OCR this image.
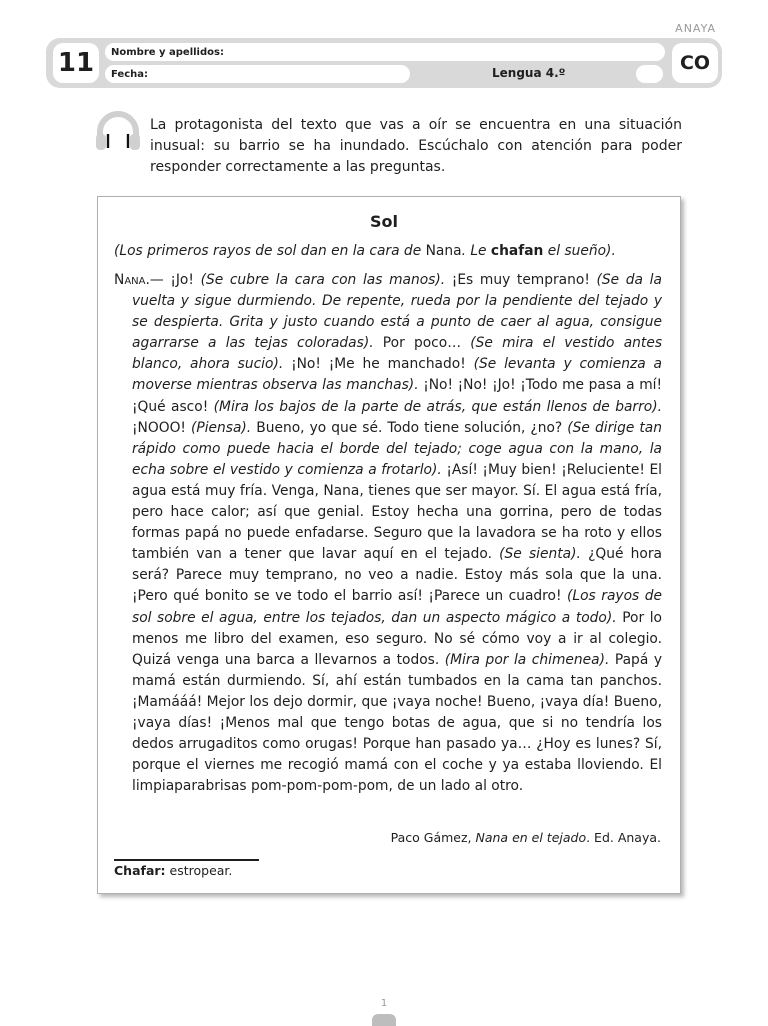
ANAYA
11	Nombre y apellidos:
Fecha:	Lengua 4.º	CO
La protagonista del texto que vas a oír se encuentra en una situación inusual: su barrio se ha inundado. Escúchalo con atención para poder responder correctamente a las preguntas.
Sol
(Los primeros rayos de sol dan en la cara de Nana. Le chafan el sueño).
Nana.— ¡Jo! (Se cubre la cara con las manos). ¡Es muy temprano! (Se da la vuelta y sigue durmiendo. De repente, rueda por la pendiente del tejado y se despierta. Grita y justo cuando está a punto de caer al agua, consigue agarrarse a las tejas coloradas). Por poco… (Se mira el vestido antes blanco, ahora sucio). ¡No! ¡Me he manchado! (Se levanta y comienza a moverse mientras observa las manchas). ¡No! ¡No! ¡Jo! ¡Todo me pasa a mí! ¡Qué asco! (Mira los bajos de la parte de atrás, que están llenos de barro). ¡NOOO! (Piensa). Bueno, yo que sé. Todo tiene solución, ¿no? (Se dirige tan rápido como puede hacia el borde del tejado; coge agua con la mano, la echa sobre el vestido y comienza a frotarlo). ¡Así! ¡Muy bien! ¡Reluciente! El agua está muy fría. Venga, Nana, tienes que ser mayor. Sí. El agua está fría, pero hace calor; así que genial. Estoy hecha una gorrina, pero de todas formas papá no puede enfadarse. Seguro que la lavadora se ha roto y ellos también van a tener que lavar aquí en el tejado. (Se sienta). ¿Qué hora será? Parece muy temprano, no veo a nadie. Estoy más sola que la una. ¡Pero qué bonito se ve todo el barrio así! ¡Parece un cuadro! (Los rayos de sol sobre el agua, entre los tejados, dan un aspecto mágico a todo). Por lo menos me libro del examen, eso seguro. No sé cómo voy a ir al colegio. Quizá venga una barca a llevarnos a todos. (Mira por la chimenea). Papá y mamá están durmiendo. Sí, ahí están tumbados en la cama tan panchos. ¡Mamááá! Mejor los dejo dormir, que ¡vaya noche! Bueno, ¡vaya día! Bueno, ¡vaya días! ¡Menos mal que tengo botas de agua, que si no tendría los dedos arrugaditos como orugas! Porque han pasado ya… ¿Hoy es lunes? Sí, porque el viernes me recogió mamá con el coche y ya estaba lloviendo. El limpiaparabrisas pom-pom-pom-pom, de un lado al otro.
Paco Gámez, Nana en el tejado. Ed. Anaya.
Chafar: estropear.
1
